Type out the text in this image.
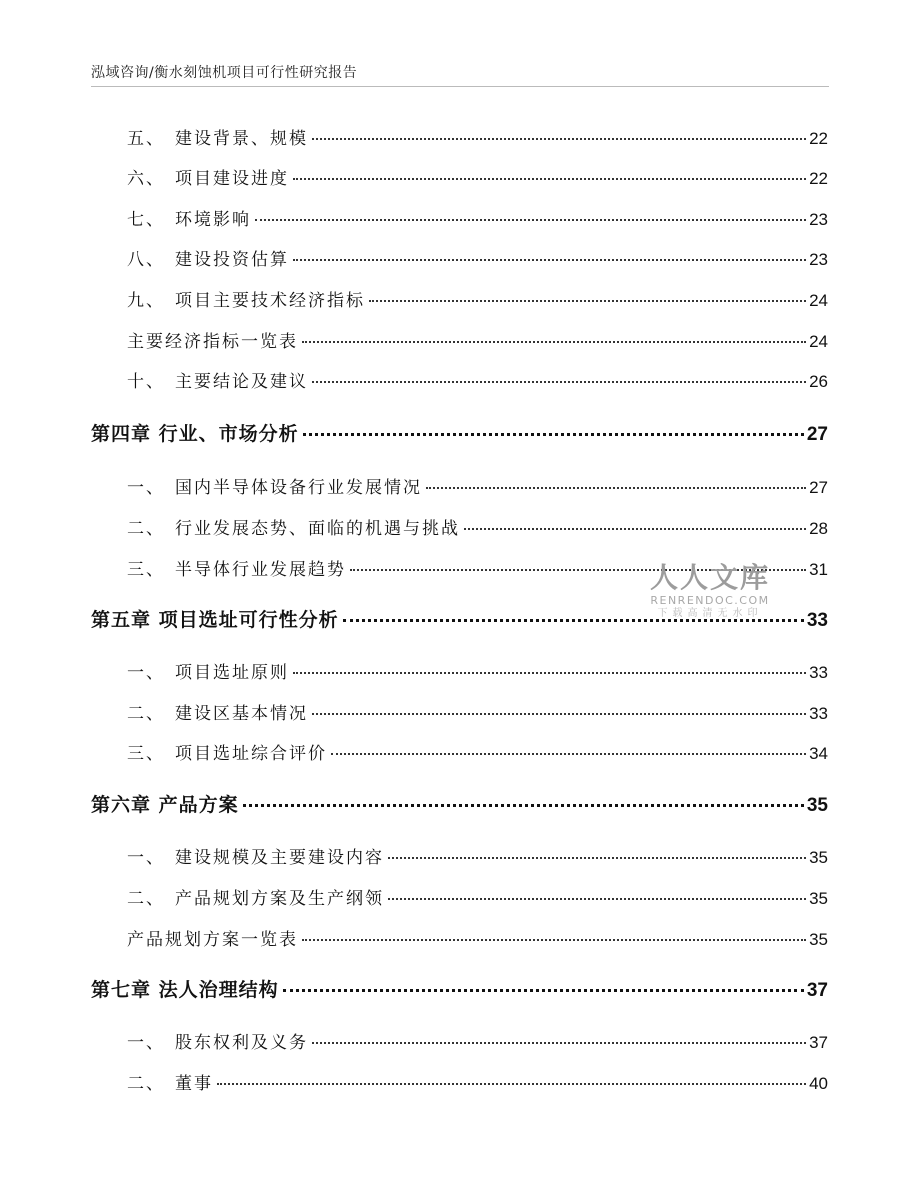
泓域咨询/衡水刻蚀机项目可行性研究报告
五、 建设背景、规模	22
六、 项目建设进度	22
七、 环境影响	23
八、 建设投资估算	23
九、 项目主要技术经济指标	24
主要经济指标一览表	24
十、 主要结论及建议	26
第四章 行业、市场分析	27
一、 国内半导体设备行业发展情况	27
二、 行业发展态势、面临的机遇与挑战	28
三、 半导体行业发展趋势	31
第五章 项目选址可行性分析	33
一、 项目选址原则	33
二、 建设区基本情况	33
三、 项目选址综合评价	34
第六章 产品方案	35
一、 建设规模及主要建设内容	35
二、 产品规划方案及生产纲领	35
产品规划方案一览表	35
第七章 法人治理结构	37
一、 股东权利及义务	37
二、 董事	40
人人文库
RENRENDOC.COM
下载高清无水印
